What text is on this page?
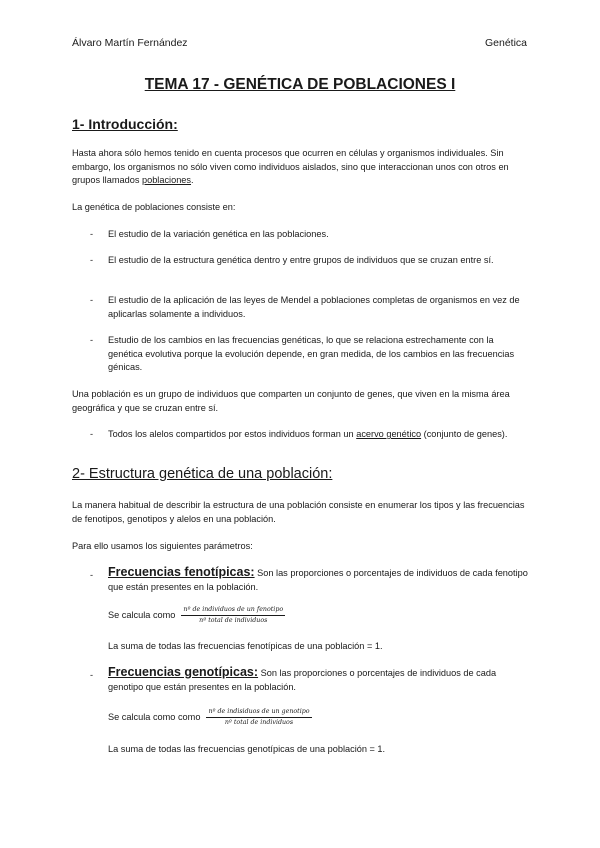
Álvaro Martín Fernández	Genética
TEMA 17 - GENÉTICA DE POBLACIONES I
1- Introducción:
Hasta ahora sólo hemos tenido en cuenta procesos que ocurren en células y organismos individuales. Sin embargo, los organismos no sólo viven como individuos aislados, sino que interaccionan unos con otros en grupos llamados poblaciones.
La genética de poblaciones consiste en:
- El estudio de la variación genética en las poblaciones.
- El estudio de la estructura genética dentro y entre grupos de individuos que se cruzan entre sí.
- El estudio de la aplicación de las leyes de Mendel a poblaciones completas de organismos en vez de aplicarlas solamente a individuos.
- Estudio de los cambios en las frecuencias genéticas, lo que se relaciona estrechamente con la genética evolutiva porque la evolución depende, en gran medida, de los cambios en las frecuencias génicas.
Una población es un grupo de individuos que comparten un conjunto de genes, que viven en la misma área geográfica y que se cruzan entre sí.
- Todos los alelos compartidos por estos individuos forman un acervo genético (conjunto de genes).
2- Estructura genética de una población:
La manera habitual de describir la estructura de una población consiste en enumerar los tipos y las frecuencias de fenotipos, genotipos y alelos en una población.
Para ello usamos los siguientes parámetros:
- Frecuencias fenotípicas: Son las proporciones o porcentajes de individuos de cada fenotipo que están presentes en la población.
Se calcula como $\frac{\text{nº de individuos de un fenotipo}}{\text{nº total de individuos}}$
La suma de todas las frecuencias fenotípicas de una población = 1.
- Frecuencias genotípicas: Son las proporciones o porcentajes de individuos de cada genotipo que están presentes en la población.
Se calcula como como $\frac{\text{nº de indisiduos de un genotipo}}{\text{nº total de individuos}}$
La suma de todas las frecuencias genotípicas de una población = 1.
